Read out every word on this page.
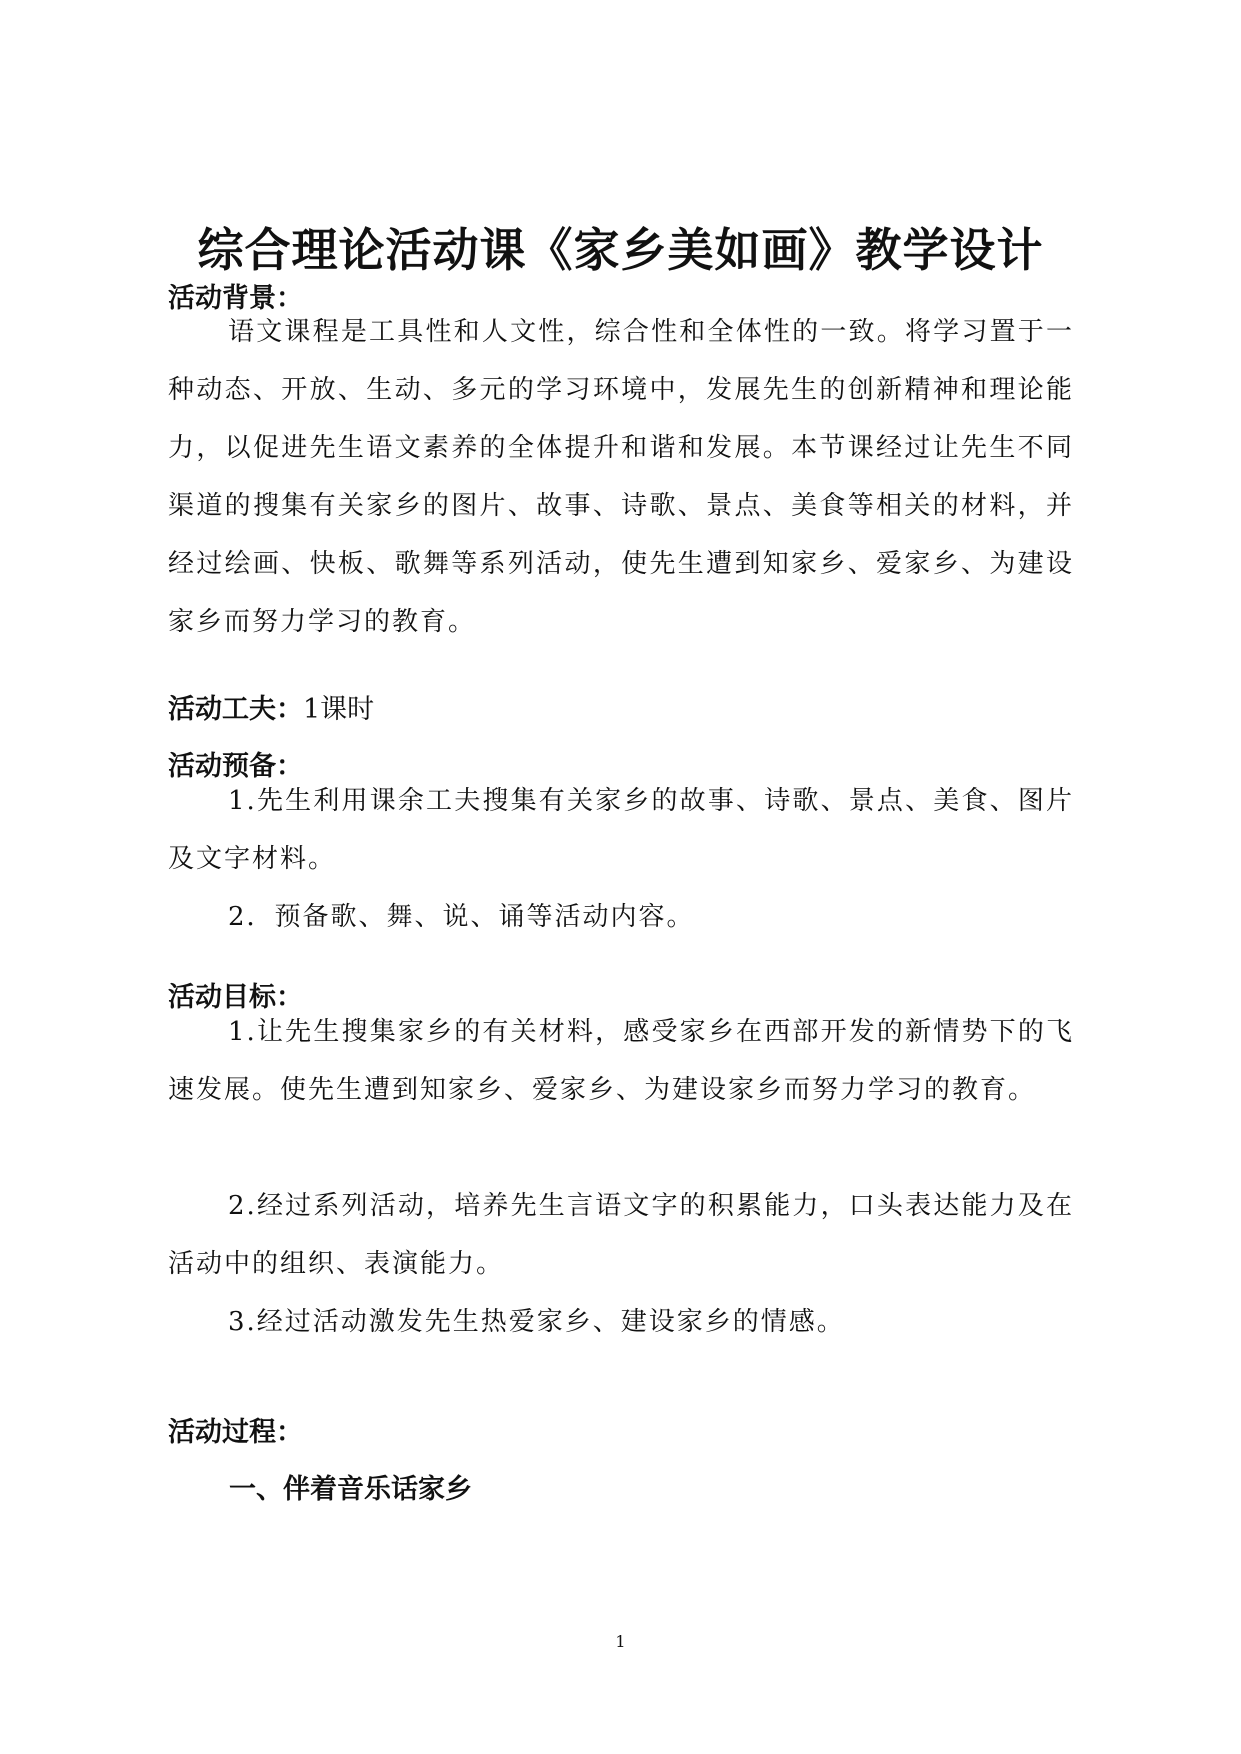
综合理论活动课《家乡美如画》教学设计
活动背景：

语文课程是工具性和人文性，综合性和全体性的一致。将学习置于一种动态、开放、生动、多元的学习环境中，发展先生的创新精神和理论能力，以促进先生语文素养的全体提升和谐和发展。本节课经过让先生不同渠道的搜集有关家乡的图片、故事、诗歌、景点、美食等相关的材料，并经过绘画、快板、歌舞等系列活动，使先生遭到知家乡、爱家乡、为建设家乡而努力学习的教育。

活动工夫：1课时
活动预备：

1.先生利用课余工夫搜集有关家乡的故事、诗歌、景点、美食、图片及文字材料。

2．预备歌、舞、说、诵等活动内容。

活动目标：

1.让先生搜集家乡的有关材料，感受家乡在西部开发的新情势下的飞速发展。使先生遭到知家乡、爱家乡、为建设家乡而努力学习的教育。

2.经过系列活动，培养先生言语文字的积累能力，口头表达能力及在活动中的组织、表演能力。

3.经过活动激发先生热爱家乡、建设家乡的情感。

活动过程：
一、伴着音乐话家乡
1
